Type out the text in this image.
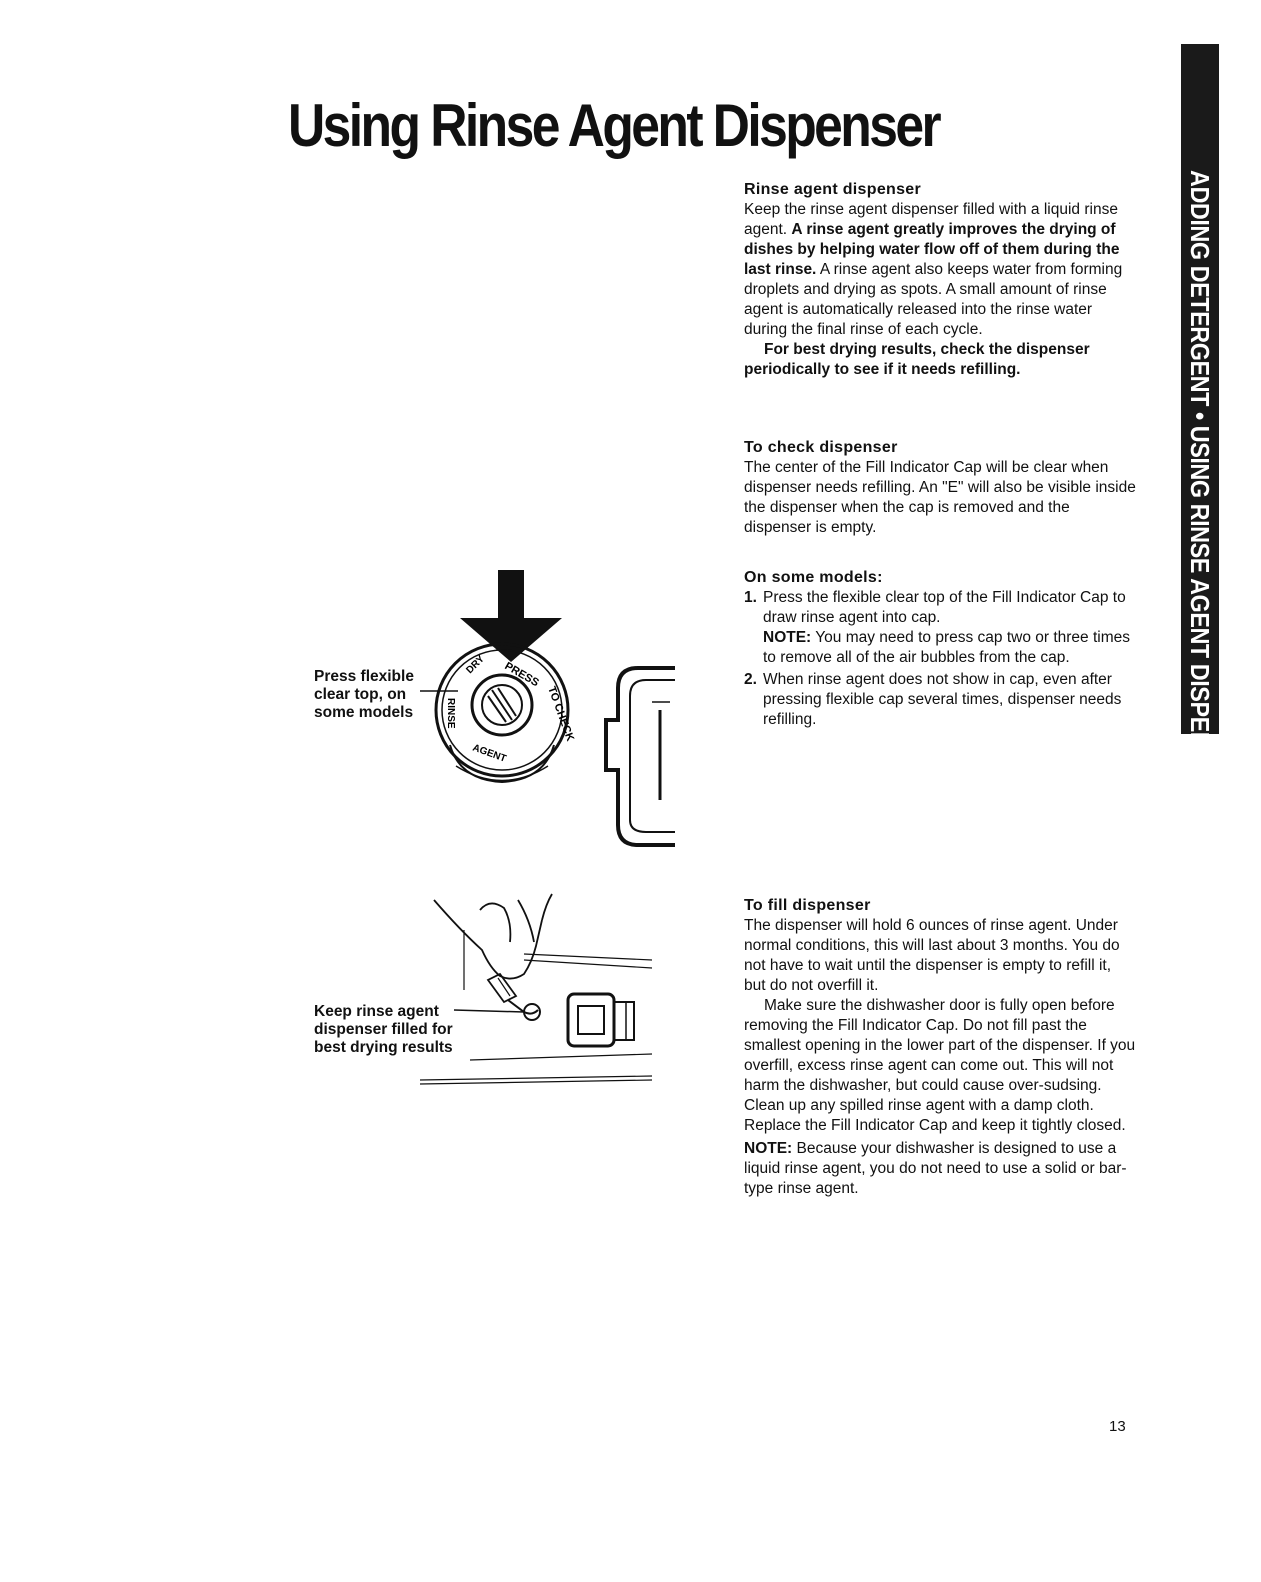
Using Rinse Agent Dispenser
ADDING DETERGENT • USING RINSE AGENT DISPENSER

Rinse agent dispenser

Keep the rinse agent dispenser filled with a liquid rinse agent. A rinse agent greatly improves the drying of dishes by helping water flow off of them during the last rinse. A rinse agent also keeps water from forming droplets and drying as spots. A small amount of rinse agent is automatically released into the rinse water during the final rinse of each cycle.

For best drying results, check the dispenser periodically to see if it needs refilling.

To check dispenser

The center of the Fill Indicator Cap will be clear when dispenser needs refilling. An "E" will also be visible inside the dispenser when the cap is removed and the dispenser is empty.

On some models:

1. Press the flexible clear top of the Fill Indicator Cap to draw rinse agent into cap.

NOTE: You may need to press cap two or three times to remove all of the air bubbles from the cap.

2. When rinse agent does not show in cap, even after pressing flexible cap several times, dispenser needs refilling.

To fill dispenser

The dispenser will hold 6 ounces of rinse agent. Under normal conditions, this will last about 3 months. You do not have to wait until the dispenser is empty to refill it, but do not overfill it.

Make sure the dishwasher door is fully open before removing the Fill Indicator Cap. Do not fill past the smallest opening in the lower part of the dispenser. If you overfill, excess rinse agent can come out. This will not harm the dishwasher, but could cause over-sudsing. Clean up any spilled rinse agent with a damp cloth. Replace the Fill Indicator Cap and keep it tightly closed.

NOTE: Because your dishwasher is designed to use a liquid rinse agent, you do not need to use a solid or bar-type rinse agent.

Press flexible clear top, on some models
PRESS
TO CHECK
RINSE
AGENT
DRY
Keep rinse agent dispenser filled for best drying results
13
